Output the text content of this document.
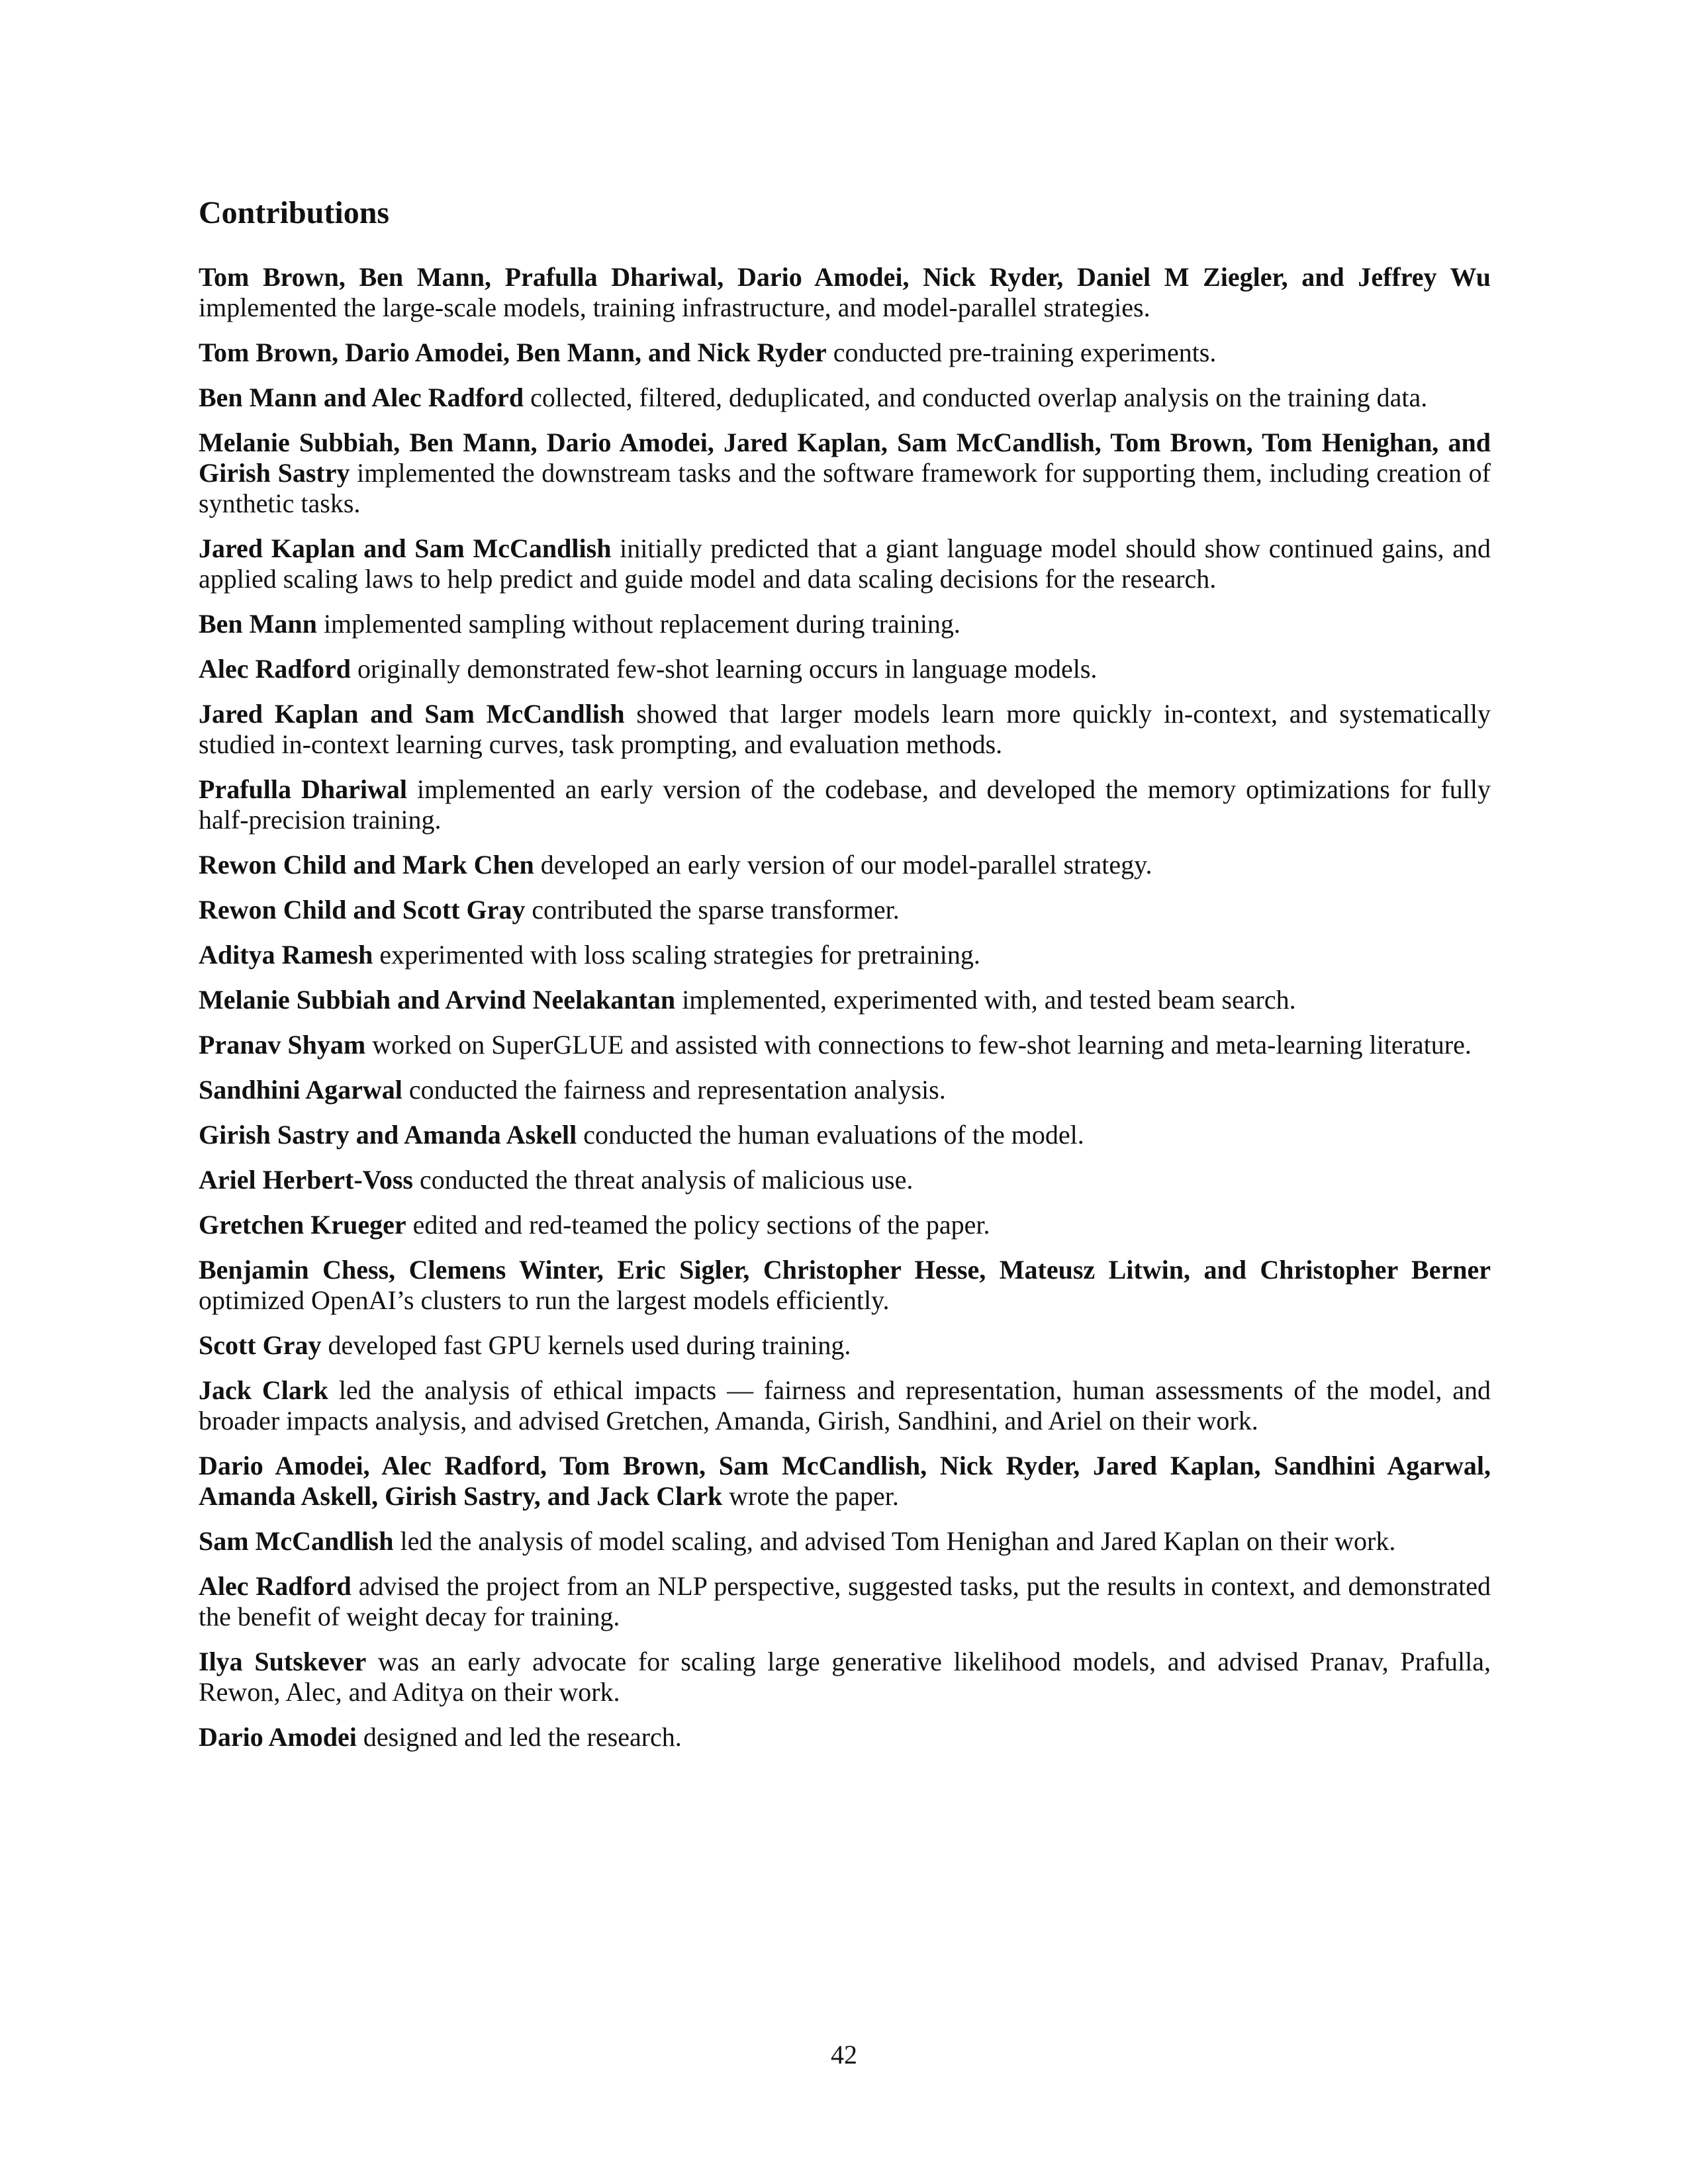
Contributions

Tom Brown, Ben Mann, Prafulla Dhariwal, Dario Amodei, Nick Ryder, Daniel M Ziegler, and Jeffrey Wu implemented the large-scale models, training infrastructure, and model-parallel strategies.

Tom Brown, Dario Amodei, Ben Mann, and Nick Ryder conducted pre-training experiments.

Ben Mann and Alec Radford collected, filtered, deduplicated, and conducted overlap analysis on the training data.

Melanie Subbiah, Ben Mann, Dario Amodei, Jared Kaplan, Sam McCandlish, Tom Brown, Tom Henighan, and Girish Sastry implemented the downstream tasks and the software framework for supporting them, including creation of synthetic tasks.

Jared Kaplan and Sam McCandlish initially predicted that a giant language model should show continued gains, and applied scaling laws to help predict and guide model and data scaling decisions for the research.

Ben Mann implemented sampling without replacement during training.

Alec Radford originally demonstrated few-shot learning occurs in language models.

Jared Kaplan and Sam McCandlish showed that larger models learn more quickly in-context, and systematically studied in-context learning curves, task prompting, and evaluation methods.

Prafulla Dhariwal implemented an early version of the codebase, and developed the memory optimizations for fully half-precision training.

Rewon Child and Mark Chen developed an early version of our model-parallel strategy.

Rewon Child and Scott Gray contributed the sparse transformer.

Aditya Ramesh experimented with loss scaling strategies for pretraining.

Melanie Subbiah and Arvind Neelakantan implemented, experimented with, and tested beam search.

Pranav Shyam worked on SuperGLUE and assisted with connections to few-shot learning and meta-learning literature.

Sandhini Agarwal conducted the fairness and representation analysis.

Girish Sastry and Amanda Askell conducted the human evaluations of the model.

Ariel Herbert-Voss conducted the threat analysis of malicious use.

Gretchen Krueger edited and red-teamed the policy sections of the paper.

Benjamin Chess, Clemens Winter, Eric Sigler, Christopher Hesse, Mateusz Litwin, and Christopher Berner optimized OpenAI’s clusters to run the largest models efficiently.

Scott Gray developed fast GPU kernels used during training.

Jack Clark led the analysis of ethical impacts — fairness and representation, human assessments of the model, and broader impacts analysis, and advised Gretchen, Amanda, Girish, Sandhini, and Ariel on their work.

Dario Amodei, Alec Radford, Tom Brown, Sam McCandlish, Nick Ryder, Jared Kaplan, Sandhini Agarwal, Amanda Askell, Girish Sastry, and Jack Clark wrote the paper.

Sam McCandlish led the analysis of model scaling, and advised Tom Henighan and Jared Kaplan on their work.

Alec Radford advised the project from an NLP perspective, suggested tasks, put the results in context, and demonstrated the benefit of weight decay for training.

Ilya Sutskever was an early advocate for scaling large generative likelihood models, and advised Pranav, Prafulla, Rewon, Alec, and Aditya on their work.

Dario Amodei designed and led the research.

42
